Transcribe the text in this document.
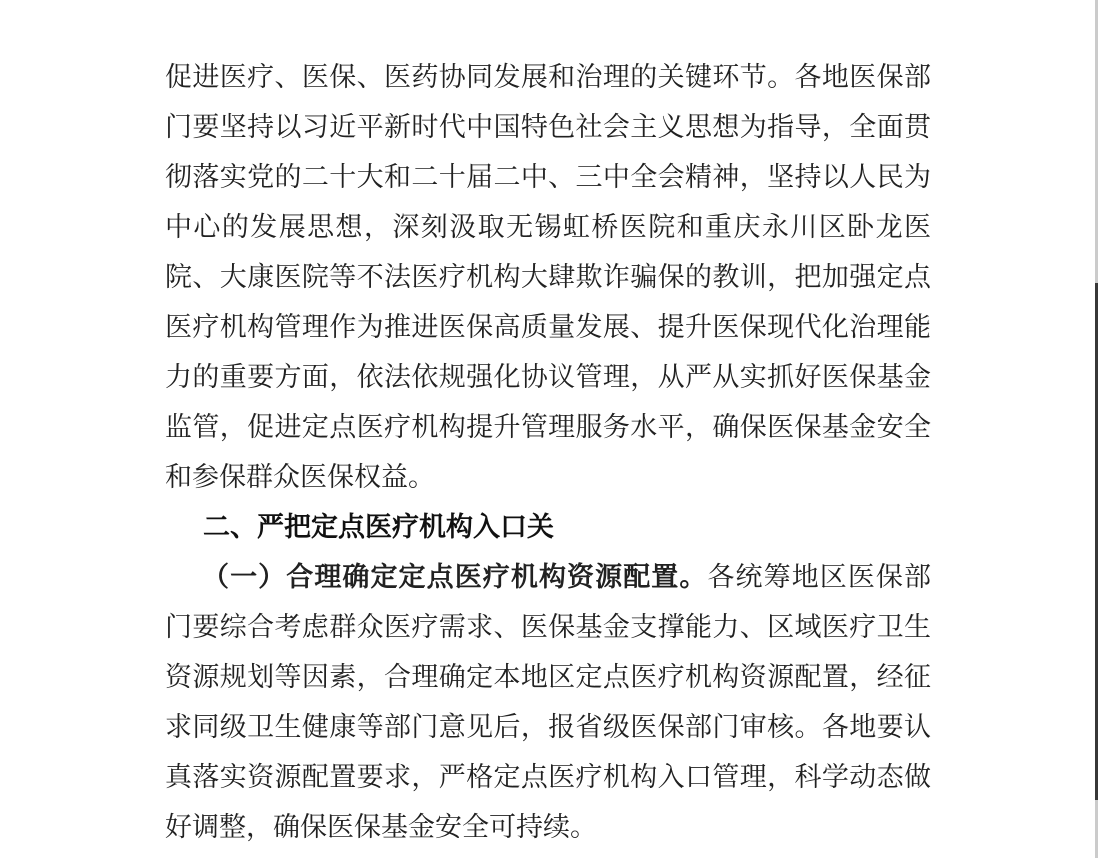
促进医疗、医保、医药协同发展和治理的关键环节。各地医保部
门要坚持以习近平新时代中国特色社会主义思想为指导，全面贯
彻落实党的二十大和二十届二中、三中全会精神，坚持以人民为
中心的发展思想，深刻汲取无锡虹桥医院和重庆永川区卧龙医
院、大康医院等不法医疗机构大肆欺诈骗保的教训，把加强定点
医疗机构管理作为推进医保高质量发展、提升医保现代化治理能
力的重要方面，依法依规强化协议管理，从严从实抓好医保基金
监管，促进定点医疗机构提升管理服务水平，确保医保基金安全
和参保群众医保权益。
二、严把定点医疗机构入口关
（一）合理确定定点医疗机构资源配置。各统筹地区医保部
门要综合考虑群众医疗需求、医保基金支撑能力、区域医疗卫生
资源规划等因素，合理确定本地区定点医疗机构资源配置，经征
求同级卫生健康等部门意见后，报省级医保部门审核。各地要认
真落实资源配置要求，严格定点医疗机构入口管理，科学动态做
好调整，确保医保基金安全可持续。
